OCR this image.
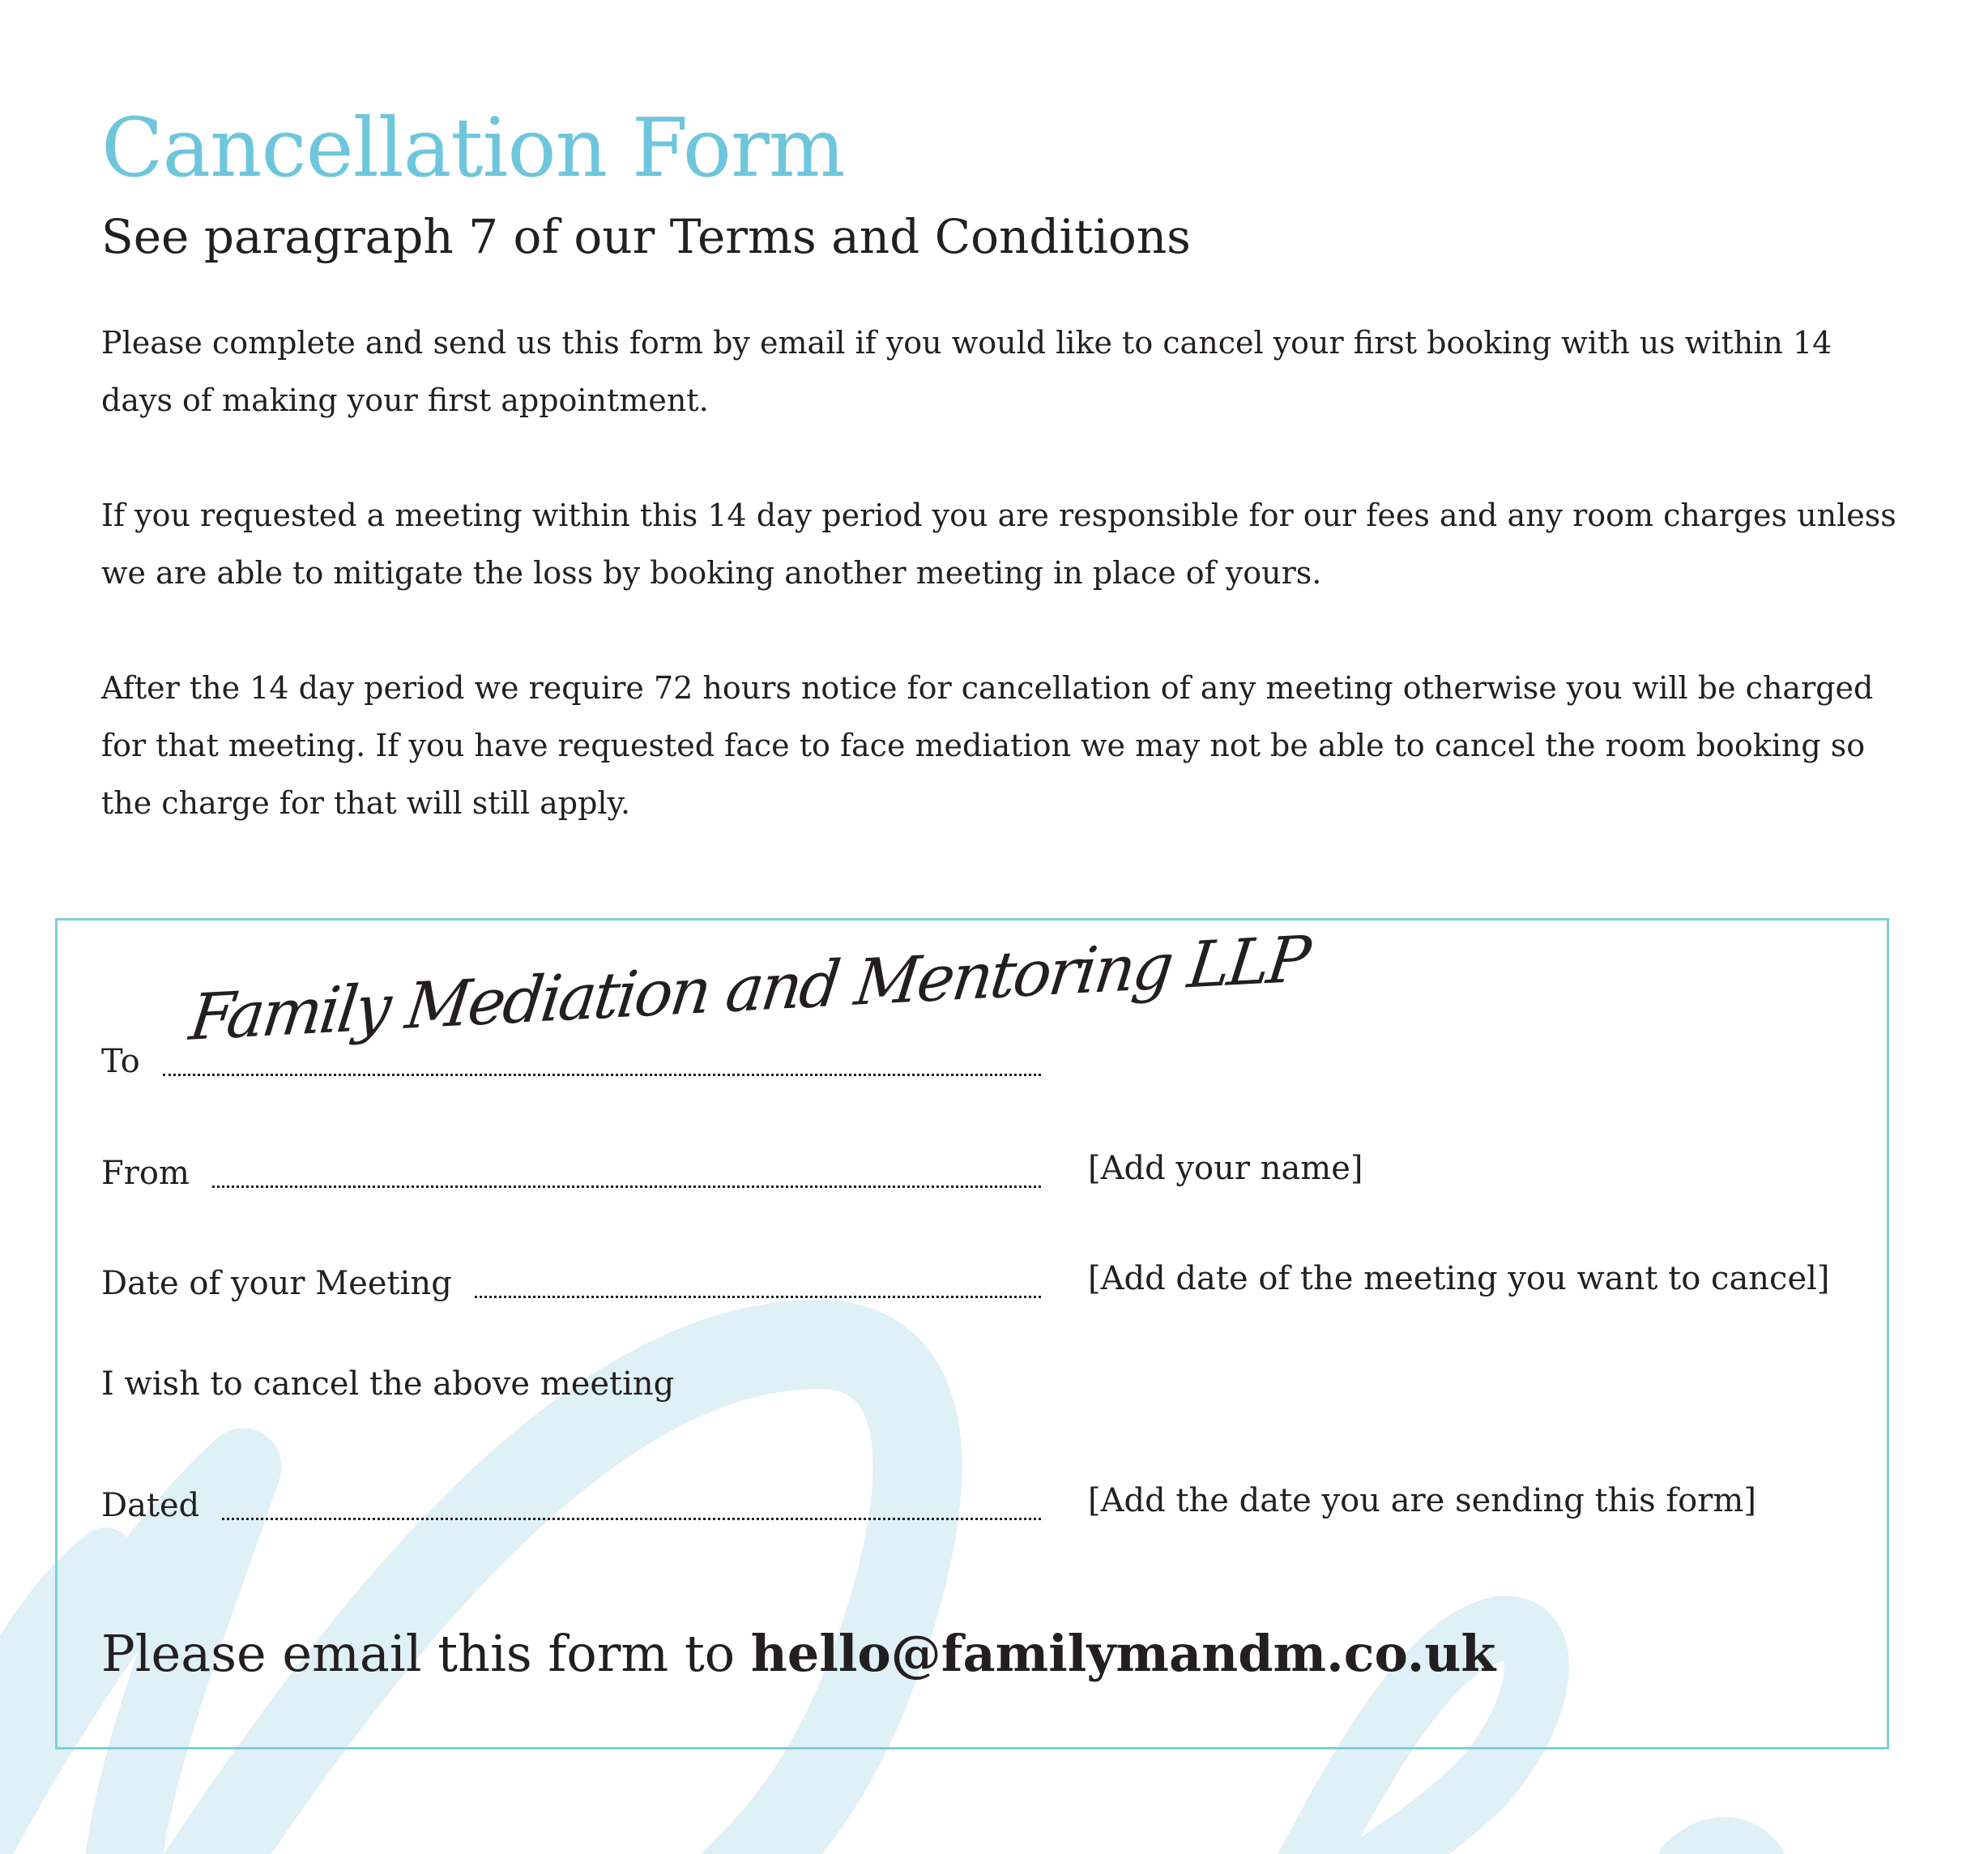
Cancellation Form
See paragraph 7 of our Terms and Conditions

Please complete and send us this form by email if you would like to cancel your first booking with us within 14 days of making your first appointment.

If you requested a meeting within this 14 day period you are responsible for our fees and any room charges unless we are able to mitigate the loss by booking another meeting in place of yours.

After the 14 day period we require 72 hours notice for cancellation of any meeting otherwise you will be charged for that meeting. If you have requested face to face mediation we may not be able to cancel the room booking so the charge for that will still apply.

To
Family Mediation and Mentoring LLP
From	[Add your name]
Date of your Meeting	[Add date of the meeting you want to cancel]
I wish to cancel the above meeting
Dated	[Add the date you are sending this form]
Please email this form to hello@familymandm.co.uk
